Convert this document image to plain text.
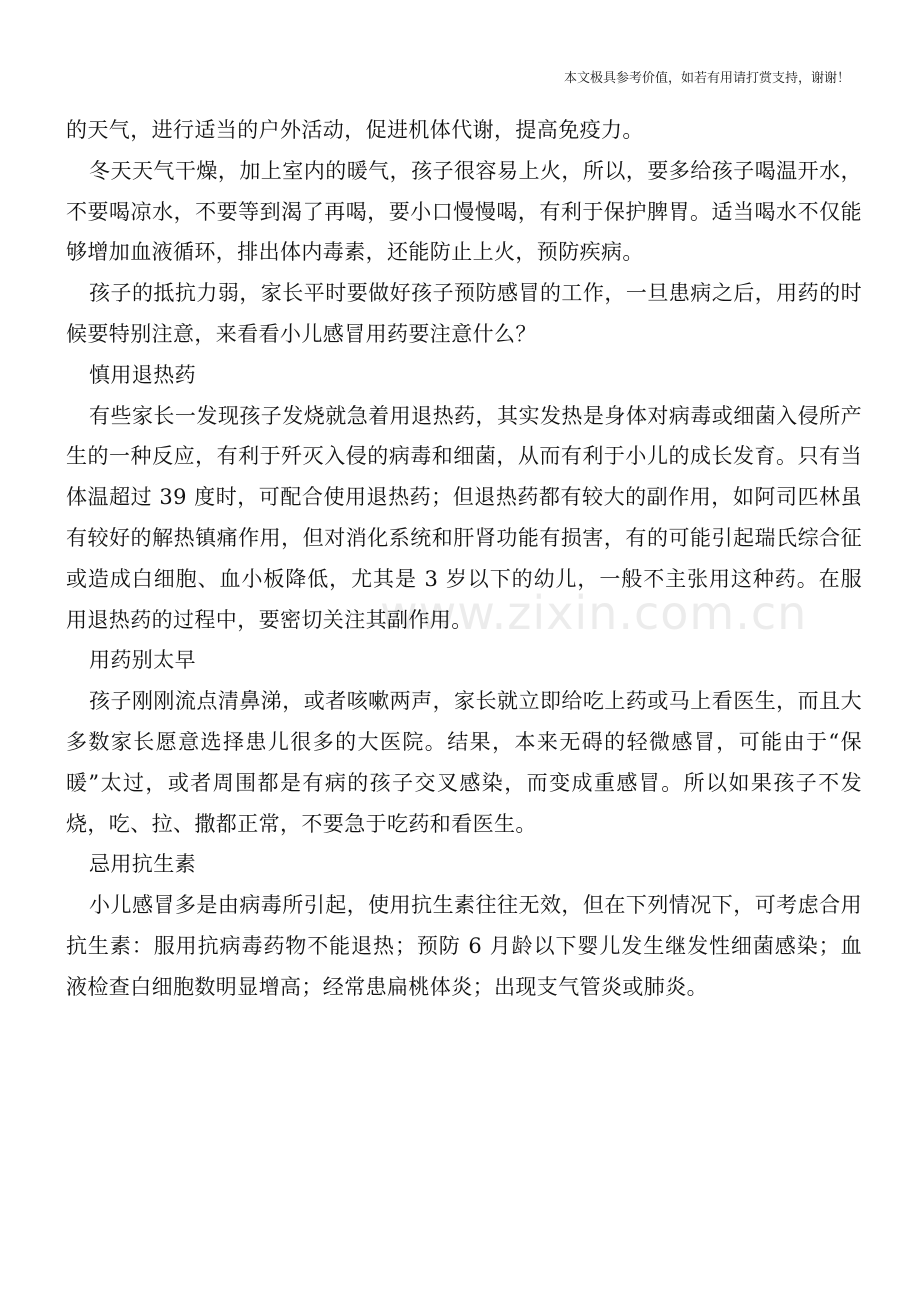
本文极具参考价值，如若有用请打赏支持，谢谢！
www.zixin.com.cn

的天气，进行适当的户外活动，促进机体代谢，提高免疫力。

冬天天气干燥，加上室内的暖气，孩子很容易上火，所以，要多给孩子喝温开水，不要喝凉水，不要等到渴了再喝，要小口慢慢喝，有利于保护脾胃。适当喝水不仅能够增加血液循环，排出体内毒素，还能防止上火，预防疾病。

孩子的抵抗力弱，家长平时要做好孩子预防感冒的工作，一旦患病之后，用药的时候要特别注意，来看看小儿感冒用药要注意什么？

慎用退热药

有些家长一发现孩子发烧就急着用退热药，其实发热是身体对病毒或细菌入侵所产生的一种反应，有利于歼灭入侵的病毒和细菌，从而有利于小儿的成长发育。只有当体温超过 39 度时，可配合使用退热药；但退热药都有较大的副作用，如阿司匹林虽有较好的解热镇痛作用，但对消化系统和肝肾功能有损害，有的可能引起瑞氏综合征或造成白细胞、血小板降低，尤其是 3 岁以下的幼儿，一般不主张用这种药。在服用退热药的过程中，要密切关注其副作用。

用药别太早

孩子刚刚流点清鼻涕，或者咳嗽两声，家长就立即给吃上药或马上看医生，而且大多数家长愿意选择患儿很多的大医院。结果，本来无碍的轻微感冒，可能由于“保暖”太过，或者周围都是有病的孩子交叉感染，而变成重感冒。所以如果孩子不发烧，吃、拉、撒都正常，不要急于吃药和看医生。

忌用抗生素

小儿感冒多是由病毒所引起，使用抗生素往往无效，但在下列情况下，可考虑合用抗生素：服用抗病毒药物不能退热；预防 6 月龄以下婴儿发生继发性细菌感染；血液检查白细胞数明显增高；经常患扁桃体炎；出现支气管炎或肺炎。
